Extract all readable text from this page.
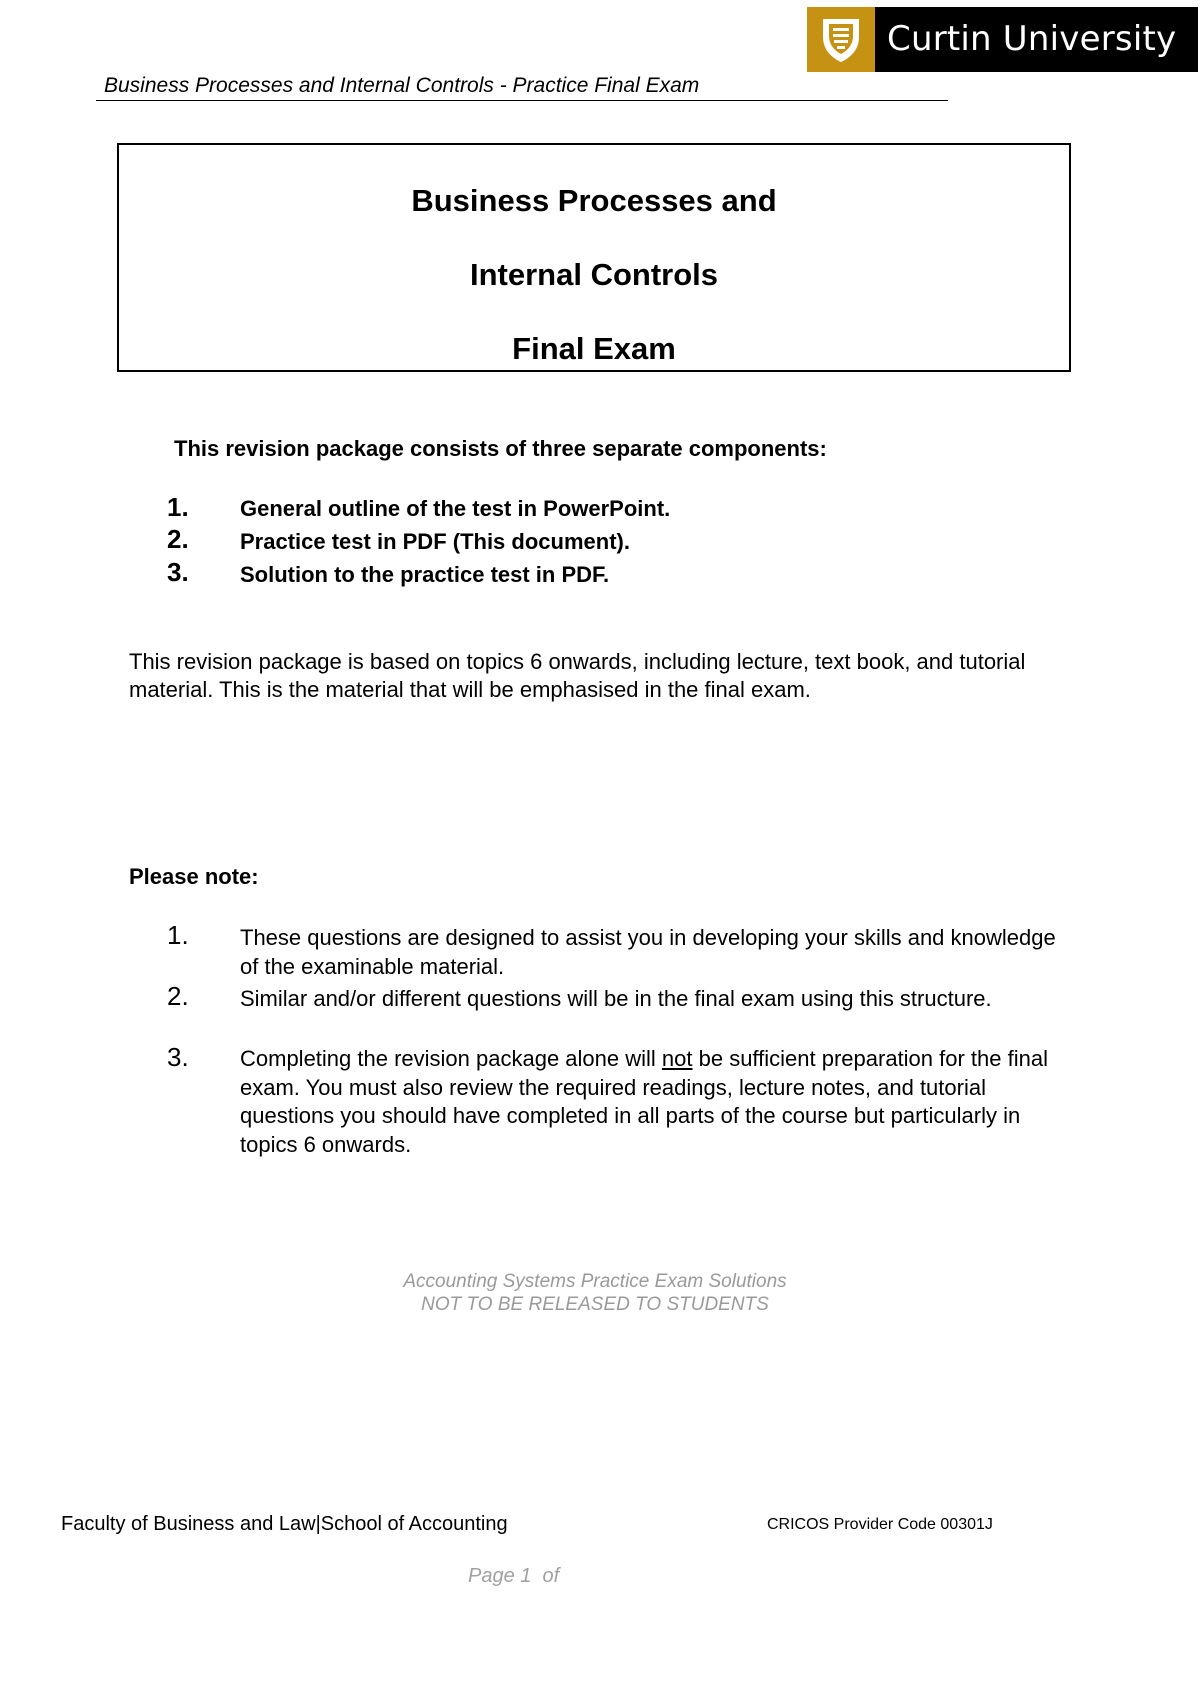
Curtin University
Business Processes and Internal Controls - Practice Final Exam
Business Processes and
Internal Controls
Final Exam
This revision package consists of three separate components:
1. General outline of the test in PowerPoint.
2. Practice test in PDF (This document).
3. Solution to the practice test in PDF.
This revision package is based on topics 6 onwards, including lecture, text book, and tutorial material. This is the material that will be emphasised in the final exam.
Please note:
1. These questions are designed to assist you in developing your skills and knowledge of the examinable material.
2. Similar and/or different questions will be in the final exam using this structure.
3. Completing the revision package alone will not be sufficient preparation for the final exam. You must also review the required readings, lecture notes, and tutorial questions you should have completed in all parts of the course but particularly in topics 6 onwards.
Accounting Systems Practice Exam Solutions
NOT TO BE RELEASED TO STUDENTS
Faculty of Business and Law|School of Accounting	CRICOS Provider Code 00301J
Page 1  of
